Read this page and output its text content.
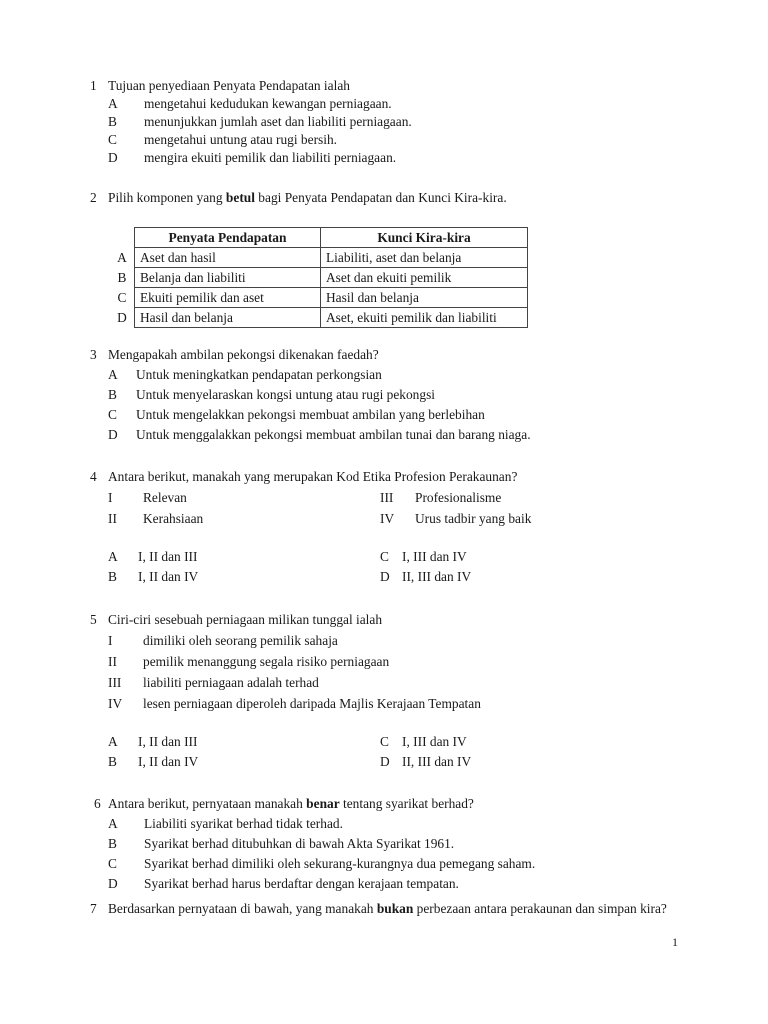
1 Tujuan penyediaan Penyata Pendapatan ialah
A	mengetahui kedudukan kewangan perniagaan.
B	menunjukkan jumlah aset dan liabiliti perniagaan.
C	mengetahui untung atau rugi bersih.
D	mengira ekuiti pemilik dan liabiliti perniagaan.
2 Pilih komponen yang betul bagi Penyata Pendapatan dan Kunci Kira-kira.
	Penyata Pendapatan	Kunci Kira-kira
A	Aset dan hasil	Liabiliti, aset dan belanja
B	Belanja dan liabiliti	Aset dan ekuiti pemilik
C	Ekuiti pemilik dan aset	Hasil dan belanja
D	Hasil dan belanja	Aset, ekuiti pemilik dan liabiliti
3 Mengapakah ambilan pekongsi dikenakan faedah?
A	Untuk meningkatkan pendapatan perkongsian
B	Untuk menyelaraskan kongsi untung atau rugi pekongsi
C	Untuk mengelakkan pekongsi membuat ambilan yang berlebihan
D	Untuk menggalakkan pekongsi membuat ambilan tunai dan barang niaga.
4 Antara berikut, manakah yang merupakan Kod Etika Profesion Perakaunan?
I	Relevan	III	Profesionalisme
II	Kerahsiaan	IV	Urus tadbir yang baik
A	I, II dan III	C I, III dan IV
B	I, II dan IV	D II, III dan IV
5 Ciri-ciri sesebuah perniagaan milikan tunggal ialah
I	dimiliki oleh seorang pemilik sahaja
II	pemilik menanggung segala risiko perniagaan
III	liabiliti perniagaan adalah terhad
IV	lesen perniagaan diperoleh daripada Majlis Kerajaan Tempatan
A	I, II dan III	C I, III dan IV
B	I, II dan IV	D II, III dan IV
6 Antara berikut, pernyataan manakah benar tentang syarikat berhad?
A	Liabiliti syarikat berhad tidak terhad.
B	Syarikat berhad ditubuhkan di bawah Akta Syarikat 1961.
C	Syarikat berhad dimiliki oleh sekurang-kurangnya dua pemegang saham.
D	Syarikat berhad harus berdaftar dengan kerajaan tempatan.
7 Berdasarkan pernyataan di bawah, yang manakah bukan perbezaan antara perakaunan dan simpan kira?
1
